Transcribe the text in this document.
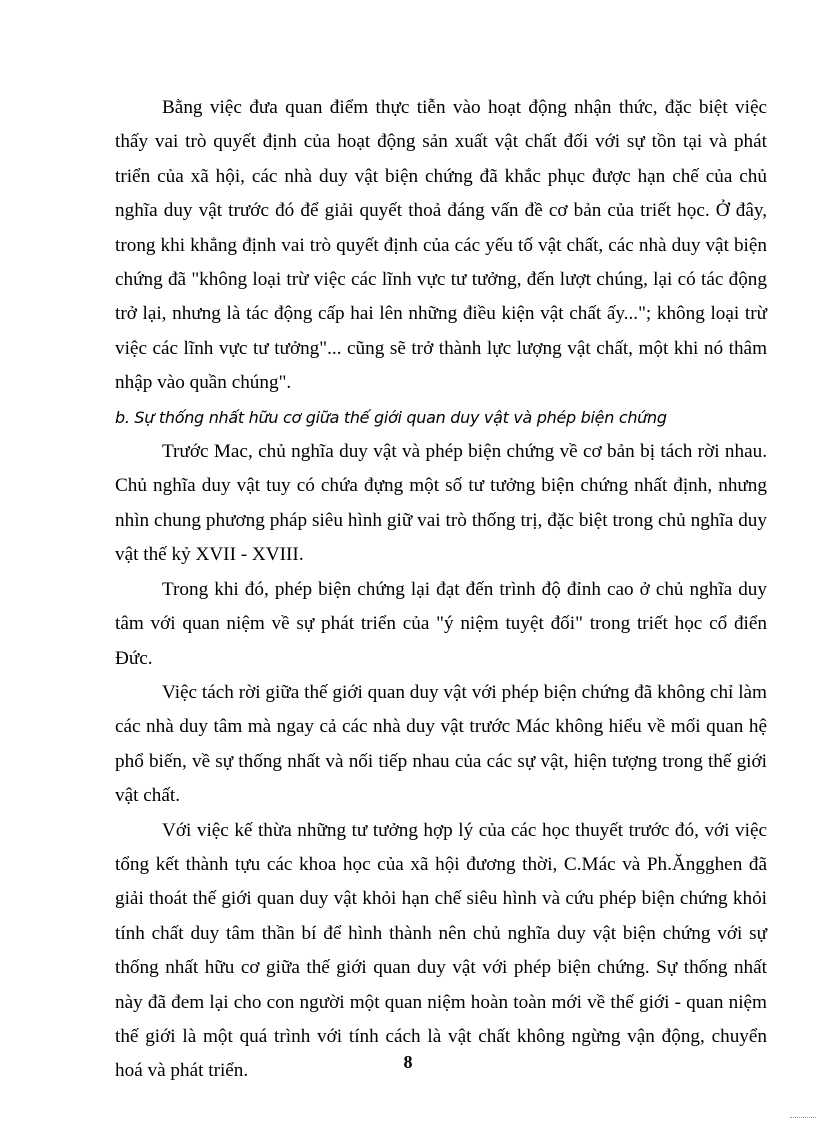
Bằng việc đưa quan điểm thực tiễn vào hoạt động nhận thức, đặc biệt việc thấy vai trò quyết định của hoạt động sản xuất vật chất đối với sự tồn tại và phát triển của xã hội, các nhà duy vật biện chứng đã khắc phục được hạn chế của chủ nghĩa duy vật trước đó để giải quyết thoả đáng vấn đề cơ bản của triết học. Ở đây, trong khi khẳng định vai trò quyết định của các yếu tố vật chất, các nhà duy vật biện chứng đã "không loại trừ việc các lĩnh vực tư tưởng, đến lượt chúng, lại có tác động trở lại, nhưng là tác động cấp hai lên những điều kiện vật chất ấy..."; không loại trừ việc các lĩnh vực tư tưởng"... cũng sẽ trở thành lực lượng vật chất, một khi nó thâm nhập vào quần chúng".

b. Sự thống nhất hữu cơ giữa thế giới quan duy vật và phép biện chứng

Trước Mac, chủ nghĩa duy vật và phép biện chứng về cơ bản bị tách rời nhau. Chủ nghĩa duy vật tuy có chứa đựng một số tư tưởng biện chứng nhất định, nhưng nhìn chung phương pháp siêu hình giữ vai trò thống trị, đặc biệt trong chủ nghĩa duy vật thế kỷ XVII - XVIII.

Trong khi đó, phép biện chứng lại đạt đến trình độ đỉnh cao ở chủ nghĩa duy tâm với quan niệm về sự phát triển của "ý niệm tuyệt đối" trong triết học cổ điển Đức.

Việc tách rời giữa thế giới quan duy vật với phép biện chứng đã không chỉ làm các nhà duy tâm mà ngay cả các nhà duy vật trước Mác không hiểu về mối quan hệ phổ biến, về sự thống nhất và nối tiếp nhau của các sự vật, hiện tượng trong thế giới vật chất.

Với việc kế thừa những tư tưởng hợp lý của các học thuyết trước đó, với việc tổng kết thành tựu các khoa học của xã hội đương thời, C.Mác và Ph.Ăngghen đã giải thoát thế giới quan duy vật khỏi hạn chế siêu hình và cứu phép biện chứng khỏi tính chất duy tâm thần bí để hình thành nên chủ nghĩa duy vật biện chứng với sự thống nhất hữu cơ giữa thế giới quan duy vật với phép biện chứng. Sự thống nhất này đã đem lại cho con người một quan niệm hoàn toàn mới về thế giới - quan niệm thế giới là một quá trình với tính cách là vật chất không ngừng vận động, chuyển hoá và phát triển.	8
